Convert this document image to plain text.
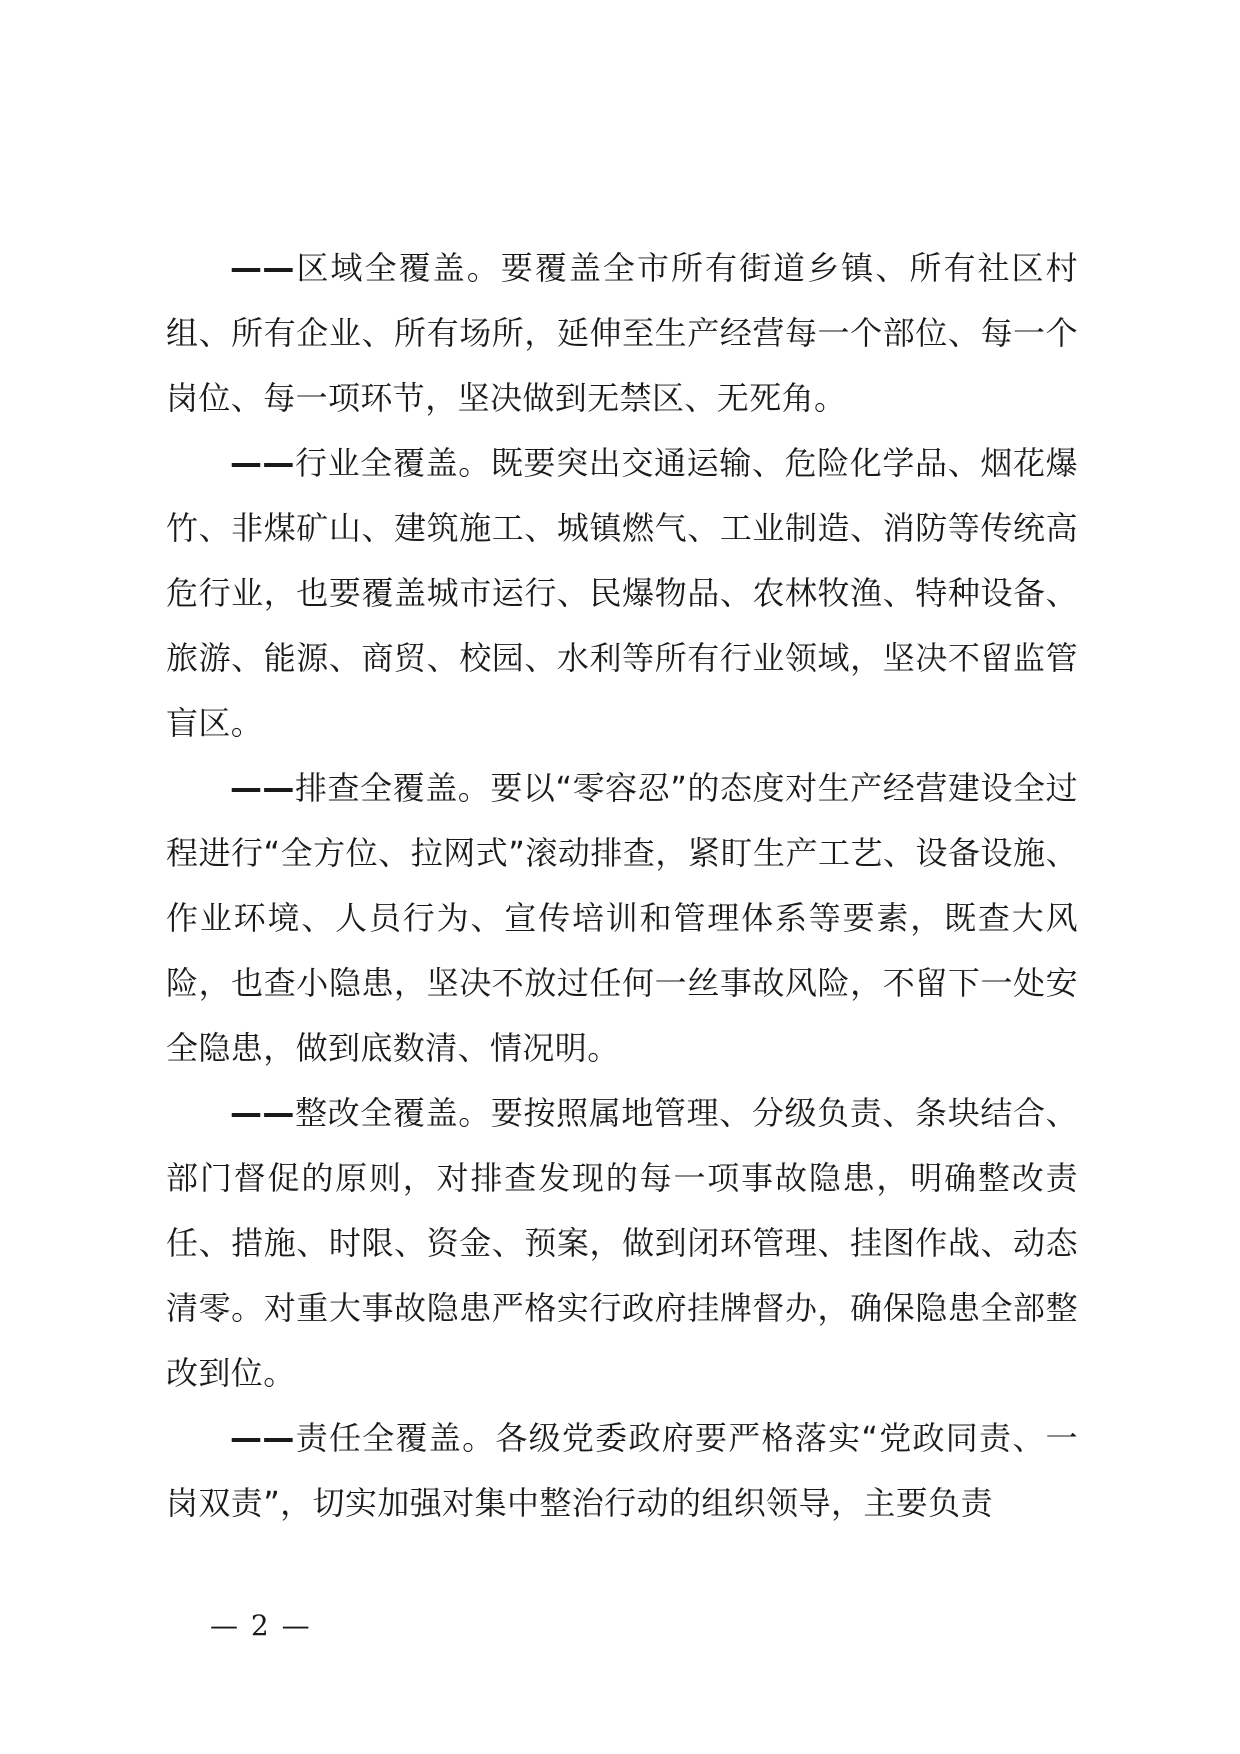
——区域全覆盖。要覆盖全市所有街道乡镇、所有社区村组、所有企业、所有场所，延伸至生产经营每一个部位、每一个岗位、每一项环节，坚决做到无禁区、无死角。

——行业全覆盖。既要突出交通运输、危险化学品、烟花爆竹、非煤矿山、建筑施工、城镇燃气、工业制造、消防等传统高危行业，也要覆盖城市运行、民爆物品、农林牧渔、特种设备、旅游、能源、商贸、校园、水利等所有行业领域，坚决不留监管盲区。

——排查全覆盖。要以“零容忍”的态度对生产经营建设全过程进行“全方位、拉网式”滚动排查，紧盯生产工艺、设备设施、作业环境、人员行为、宣传培训和管理体系等要素，既查大风险，也查小隐患，坚决不放过任何一丝事故风险，不留下一处安全隐患，做到底数清、情况明。

——整改全覆盖。要按照属地管理、分级负责、条块结合、部门督促的原则，对排查发现的每一项事故隐患，明确整改责任、措施、时限、资金、预案，做到闭环管理、挂图作战、动态清零。对重大事故隐患严格实行政府挂牌督办，确保隐患全部整改到位。

——责任全覆盖。各级党委政府要严格落实“党政同责、一岗双责”，切实加强对集中整治行动的组织领导，主要负责

— 2 —
